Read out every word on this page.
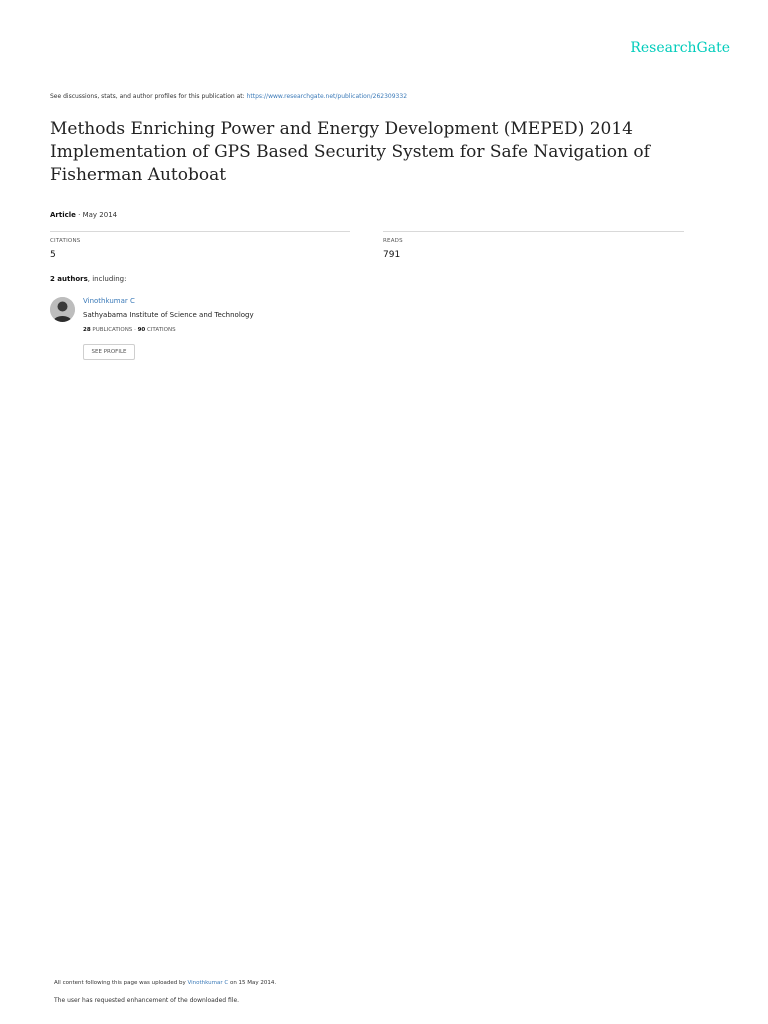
ResearchGate
See discussions, stats, and author profiles for this publication at: https://www.researchgate.net/publication/262309332
Methods Enriching Power and Energy Development (MEPED) 2014 Implementation of GPS Based Security System for Safe Navigation of Fisherman Autoboat
Article · May 2014
CITATIONS
5
READS
791
2 authors, including:
Vinothkumar C
Sathyabama Institute of Science and Technology
28 PUBLICATIONS · 90 CITATIONS
SEE PROFILE
All content following this page was uploaded by Vinothkumar C on 15 May 2014.
The user has requested enhancement of the downloaded file.
